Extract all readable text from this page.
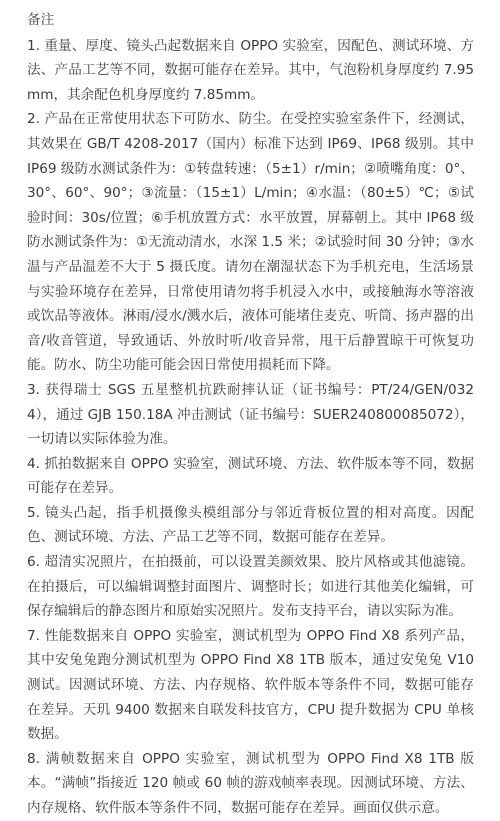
备注
1. 重量、厚度、镜头凸起数据来自 OPPO 实验室，因配色、测试环境、方法、产品工艺等不同，数据可能存在差异。其中，气泡粉机身厚度约 7.95mm，其余配色机身厚度约 7.85mm。
2. 产品在正常使用状态下可防水、防尘。在受控实验室条件下，经测试，其效果在 GB/T 4208-2017（国内）标准下达到 IP69、IP68 级别。其中 IP69 级防水测试条件为：①转盘转速：（5±1）r/min；②喷嘴角度：0°、30°、60°、90°；③流量：（15±1）L/min；④水温：（80±5）℃；⑤试验时间：30s/位置；⑥手机放置方式：水平放置，屏幕朝上。其中 IP68 级防水测试条件为：①无流动清水，水深 1.5 米；②试验时间 30 分钟；③水温与产品温差不大于 5 摄氏度。请勿在潮湿状态下为手机充电，生活场景与实验环境存在差异，日常使用请勿将手机浸入水中，或接触海水等溶液或饮品等液体。淋雨/浸水/溅水后，液体可能堵住麦克、听筒、扬声器的出音/收音管道，导致通话、外放时听/收音异常，甩干后静置晾干可恢复功能。防水、防尘功能可能会因日常使用损耗而下降。
3. 获得瑞士 SGS 五星整机抗跌耐摔认证（证书编号：PT/24/GEN/0324），通过 GJB 150.18A 冲击测试（证书编号：SUER240800085072），一切请以实际体验为准。
4. 抓拍数据来自 OPPO 实验室，测试环境、方法、软件版本等不同，数据可能存在差异。
5. 镜头凸起，指手机摄像头模组部分与邻近背板位置的相对高度。因配色、测试环境、方法、产品工艺等不同，数据可能存在差异。
6. 超清实况照片，在拍摄前，可以设置美颜效果、胶片风格或其他滤镜。在拍摄后，可以编辑调整封面图片、调整时长；如进行其他美化编辑，可保存编辑后的静态图片和原始实况照片。发布支持平台，请以实际为准。
7. 性能数据来自 OPPO 实验室，测试机型为 OPPO Find X8 系列产品，其中安兔兔跑分测试机型为 OPPO Find X8 1TB 版本，通过安兔兔 V10 测试。因测试环境、方法、内存规格、软件版本等条件不同，数据可能存在差异。天玑 9400 数据来自联发科技官方，CPU 提升数据为 CPU 单核数据。
8. 满帧数据来自 OPPO 实验室，测试机型为 OPPO Find X8 1TB 版本。“满帧”指接近 120 帧或 60 帧的游戏帧率表现。因测试环境、方法、内存规格、软件版本等条件不同，数据可能存在差异。画面仅供示意。
